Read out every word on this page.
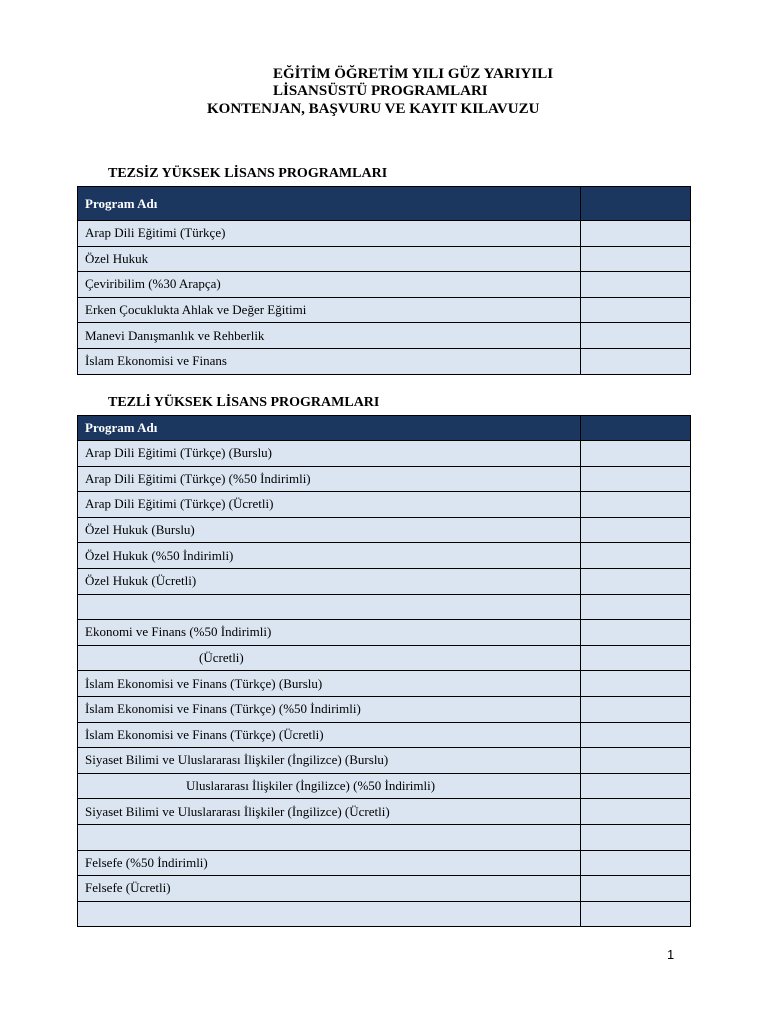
EĞİTİM ÖĞRETİM YILI GÜZ YARIYILI
LİSANSÜSTÜ PROGRAMLARI
KONTENJAN, BAŞVURU VE KAYIT KILAVUZU
TEZSİZ YÜKSEK LİSANS PROGRAMLARI
Program Adı	
Arap Dili Eğitimi (Türkçe)	
Özel Hukuk	
Çeviribilim (%30 Arapça)	
Erken Çocuklukta Ahlak ve Değer Eğitimi	
Manevi Danışmanlık ve Rehberlik	
İslam Ekonomisi ve Finans	
TEZLİ YÜKSEK LİSANS PROGRAMLARI
Program Adı	
Arap Dili Eğitimi (Türkçe) (Burslu)	
Arap Dili Eğitimi (Türkçe) (%50 İndirimli)	
Arap Dili Eğitimi (Türkçe) (Ücretli)	
Özel Hukuk (Burslu)	
Özel Hukuk (%50 İndirimli)	
Özel Hukuk (Ücretli)	

Ekonomi ve Finans (%50 İndirimli)	
(Ücretli)	
İslam Ekonomisi ve Finans (Türkçe) (Burslu)	
İslam Ekonomisi ve Finans (Türkçe) (%50 İndirimli)	
İslam Ekonomisi ve Finans (Türkçe) (Ücretli)	
Siyaset Bilimi ve Uluslararası İlişkiler (İngilizce) (Burslu)	
Uluslararası İlişkiler (İngilizce) (%50 İndirimli)	
Siyaset Bilimi ve Uluslararası İlişkiler (İngilizce) (Ücretli)	

Felsefe (%50 İndirimli)	
Felsefe (Ücretli)	

1
